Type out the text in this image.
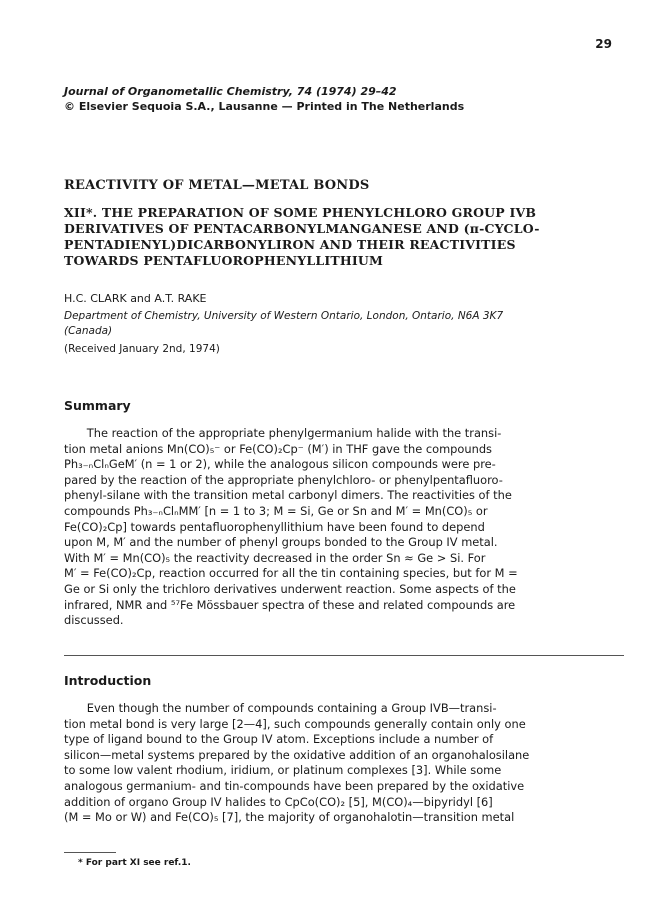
29
Journal of Organometallic Chemistry, 74 (1974) 29–42
© Elsevier Sequoia S.A., Lausanne — Printed in The Netherlands
REACTIVITY OF METAL—METAL BONDS
XII*. THE PREPARATION OF SOME PHENYLCHLORO GROUP IVB
DERIVATIVES OF PENTACARBONYLMANGANESE AND (π-CYCLO-
PENTADIENYL)DICARBONYLIRON AND THEIR REACTIVITIES
TOWARDS PENTAFLUOROPHENYLLITHIUM
H.C. CLARK and A.T. RAKE
Department of Chemistry, University of Western Ontario, London, Ontario, N6A 3K7
(Canada)
(Received January 2nd, 1974)
Summary
  The reaction of the appropriate phenylgermanium halide with the transi-
tion metal anions Mn(CO)₅⁻ or Fe(CO)₂Cp⁻ (M′) in THF gave the compounds
Ph₃₋ₙClₙGeM′ (n = 1 or 2), while the analogous silicon compounds were pre-
pared by the reaction of the appropriate phenylchloro- or phenylpentafluoro-
phenyl-silane with the transition metal carbonyl dimers. The reactivities of the
compounds Ph₃₋ₙClₙMM′ [n = 1 to 3; M = Si, Ge or Sn and M′ = Mn(CO)₅ or
Fe(CO)₂Cp] towards pentafluorophenyllithium have been found to depend
upon M, M′ and the number of phenyl groups bonded to the Group IV metal.
With M′ = Mn(CO)₅ the reactivity decreased in the order Sn ≈ Ge > Si. For
M′ = Fe(CO)₂Cp, reaction occurred for all the tin containing species, but for M =
Ge or Si only the trichloro derivatives underwent reaction. Some aspects of the
infrared, NMR and ⁵⁷Fe Mössbauer spectra of these and related compounds are
discussed.
Introduction
  Even though the number of compounds containing a Group IVB—transi-
tion metal bond is very large [2—4], such compounds generally contain only one
type of ligand bound to the Group IV atom. Exceptions include a number of
silicon—metal systems prepared by the oxidative addition of an organohalosilane
to some low valent rhodium, iridium, or platinum complexes [3]. While some
analogous germanium- and tin-compounds have been prepared by the oxidative
addition of organo Group IV halides to CpCo(CO)₂ [5], M(CO)₄—bipyridyl [6]
(M = Mo or W) and Fe(CO)₅ [7], the majority of organohalotin—transition metal
* For part XI see ref.1.
